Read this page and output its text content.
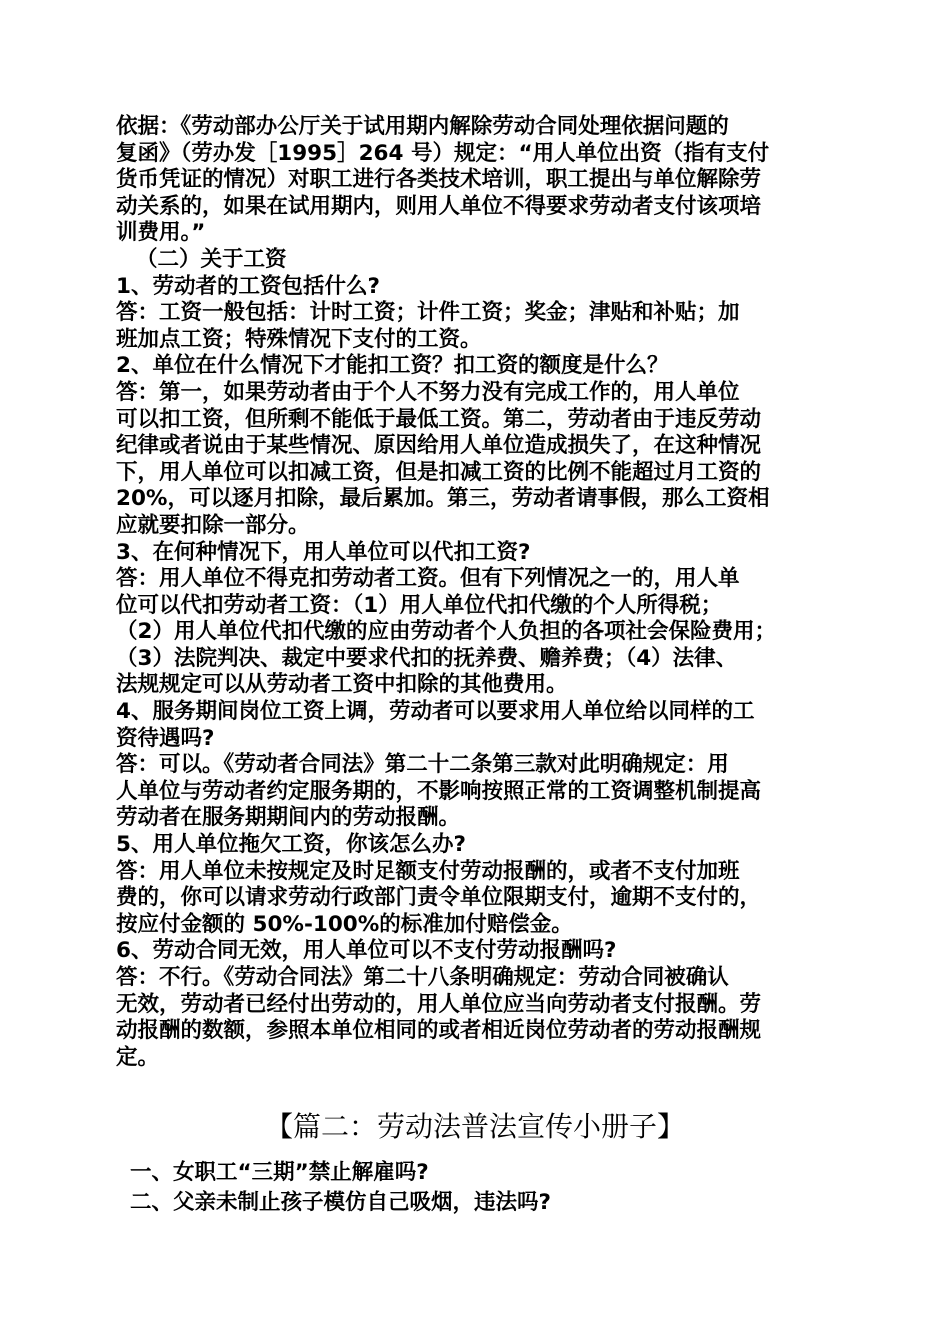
依据：《劳动部办公厅关于试用期内解除劳动合同处理依据问题的
复函》（劳办发［1995］264 号）规定：“用人单位出资（指有支付
货币凭证的情况）对职工进行各类技术培训，职工提出与单位解除劳
动关系的，如果在试用期内，则用人单位不得要求劳动者支付该项培
训费用。”
（二）关于工资
1、劳动者的工资包括什么?
答：工资一般包括：计时工资；计件工资；奖金；津贴和补贴；加
班加点工资；特殊情况下支付的工资。
2、单位在什么情况下才能扣工资？扣工资的额度是什么？
答：第一，如果劳动者由于个人不努力没有完成工作的，用人单位
可以扣工资，但所剩不能低于最低工资。第二，劳动者由于违反劳动
纪律或者说由于某些情况、原因给用人单位造成损失了，在这种情况
下，用人单位可以扣减工资，但是扣减工资的比例不能超过月工资的
20%，可以逐月扣除，最后累加。第三，劳动者请事假，那么工资相
应就要扣除一部分。
3、在何种情况下，用人单位可以代扣工资?
答：用人单位不得克扣劳动者工资。但有下列情况之一的，用人单
位可以代扣劳动者工资：（1）用人单位代扣代缴的个人所得税；
（2）用人单位代扣代缴的应由劳动者个人负担的各项社会保险费用；
（3）法院判决、裁定中要求代扣的抚养费、赡养费；（4）法律、
法规规定可以从劳动者工资中扣除的其他费用。
4、服务期间岗位工资上调，劳动者可以要求用人单位给以同样的工
资待遇吗?
答：可以。《劳动者合同法》第二十二条第三款对此明确规定：用
人单位与劳动者约定服务期的，不影响按照正常的工资调整机制提高
劳动者在服务期期间内的劳动报酬。
5、用人单位拖欠工资，你该怎么办?
答：用人单位未按规定及时足额支付劳动报酬的，或者不支付加班
费的，你可以请求劳动行政部门责令单位限期支付，逾期不支付的，
按应付金额的 50%-100%的标准加付赔偿金。
6、劳动合同无效，用人单位可以不支付劳动报酬吗?
答：不行。《劳动合同法》第二十八条明确规定：劳动合同被确认
无效，劳动者已经付出劳动的，用人单位应当向劳动者支付报酬。劳
动报酬的数额，参照本单位相同的或者相近岗位劳动者的劳动报酬规
定。
【篇二：劳动法普法宣传小册子】
一、女职工“三期”禁止解雇吗?
二、父亲未制止孩子模仿自己吸烟，违法吗?
